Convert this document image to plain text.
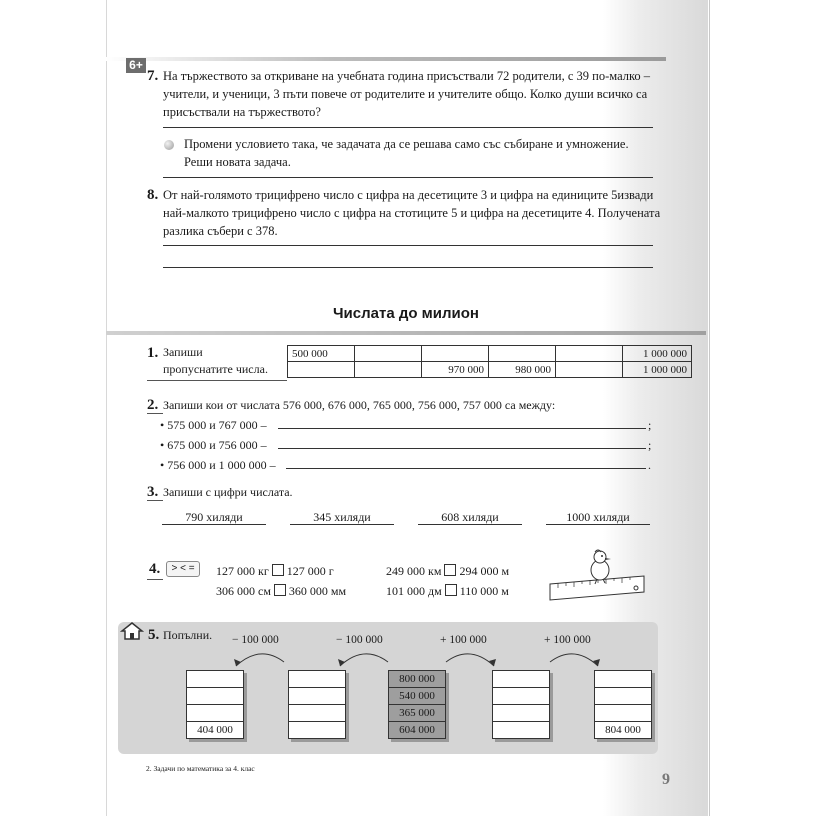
6+
7. На тържеството за откриване на учебната година присъствали 72 родители, с 39 по-малко –
учители, и ученици, 3 пъти повече от родителите и учителите общо. Колко души всичко са
присъствали на тържеството?
Промени условието така, че задачата да се решава само със събиране и умножение.
Реши новата задача.
8. От най-голямото трицифрено число с цифра на десетиците 3 и цифра на единиците 5извади
най-малкото трицифрено число с цифра на стотиците 5 и цифра на десетиците 4. Получената
разлика събери с 378.
Числата до милион
1. Запиши
пропуснатите числа.
500 000					1 000 000
		970 000	980 000		1 000 000
2. Запиши кои от числата 576 000, 676 000, 765 000, 756 000, 757 000 са между:
• 575 000 и 767 000 –	;
• 675 000 и 756 000 –	;
• 756 000 и 1 000 000 –	.
3. Запиши с цифри числата.
790 хиляди	345 хиляди	608 хиляди	1000 хиляди
4.	> < =	127 000 кг 127 000 г
306 000 см 360 000 мм
249 000 км 294 000 м
101 000 дм 110 000 м
5. Попълни. − 100 000	− 100 000	+ 100 000	+ 100 000
404 000
800 000
540 000
365 000
604 000	804 000
2. Задачи по математика за 4. клас
9
